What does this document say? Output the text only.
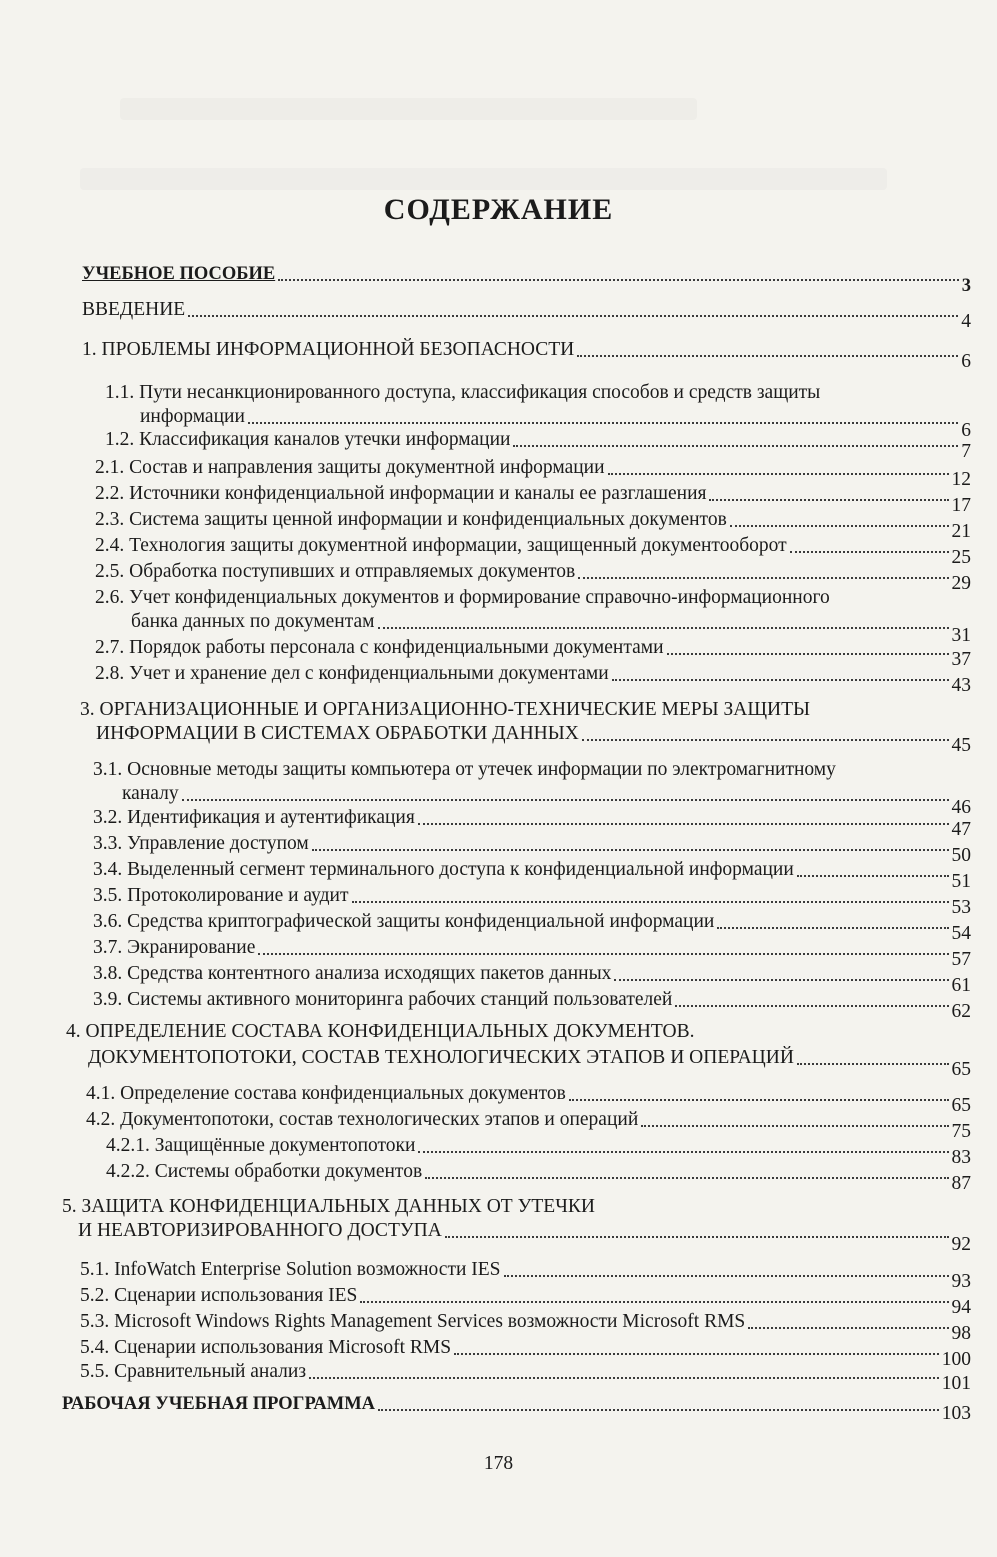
СОДЕРЖАНИЕ
УЧЕБНОЕ ПОСОБИЕ
3
ВВЕДЕНИЕ
4
1. ПРОБЛЕМЫ ИНФОРМАЦИОННОЙ БЕЗОПАСНОСТИ
6
1.1. Пути несанкционированного доступа, классификация способов и средств защиты
информации
6
1.2. Классификация каналов утечки информации
7
2.1. Состав и направления защиты документной информации
12
2.2. Источники конфиденциальной информации и каналы ее разглашения
17
2.3. Система защиты ценной информации и конфиденциальных документов
21
2.4. Технология защиты документной информации, защищенный документооборот
25
2.5. Обработка поступивших и отправляемых документов
29
2.6. Учет конфиденциальных документов и формирование справочно-информационного
банка данных по документам
31
2.7. Порядок работы персонала с конфиденциальными документами
37
2.8. Учет и хранение дел с конфиденциальными документами
43
3. ОРГАНИЗАЦИОННЫЕ И ОРГАНИЗАЦИОННО-ТЕХНИЧЕСКИЕ МЕРЫ ЗАЩИТЫ
ИНФОРМАЦИИ В СИСТЕМАХ ОБРАБОТКИ ДАННЫХ
45
3.1. Основные методы защиты компьютера от утечек информации по электромагнитному
каналу
46
3.2. Идентификация и аутентификация
47
3.3. Управление доступом
50
3.4. Выделенный сегмент терминального доступа к конфиденциальной информации
51
3.5. Протоколирование и аудит
53
3.6. Средства криптографической защиты конфиденциальной информации
54
3.7. Экранирование
57
3.8. Средства контентного анализа исходящих пакетов данных
61
3.9. Системы активного мониторинга рабочих станций пользователей
62
4. ОПРЕДЕЛЕНИЕ СОСТАВА КОНФИДЕНЦИАЛЬНЫХ ДОКУМЕНТОВ.
ДОКУМЕНТОПОТОКИ, СОСТАВ ТЕХНОЛОГИЧЕСКИХ ЭТАПОВ И ОПЕРАЦИЙ
65
4.1. Определение состава конфиденциальных документов
65
4.2. Документопотоки, состав технологических этапов и операций
75
4.2.1. Защищённые документопотоки
83
4.2.2. Системы обработки документов
87
5. ЗАЩИТА КОНФИДЕНЦИАЛЬНЫХ ДАННЫХ ОТ УТЕЧКИ
И НЕАВТОРИЗИРОВАННОГО ДОСТУПА
92
5.1. InfoWatch Enterprise Solution возможности IES
93
5.2. Сценарии использования IES
94
5.3. Microsoft Windows Rights Management Services возможности Microsoft RMS
98
5.4. Сценарии использования Microsoft RMS
100
5.5. Сравнительный анализ
101
РАБОЧАЯ УЧЕБНАЯ ПРОГРАММА	103
178
